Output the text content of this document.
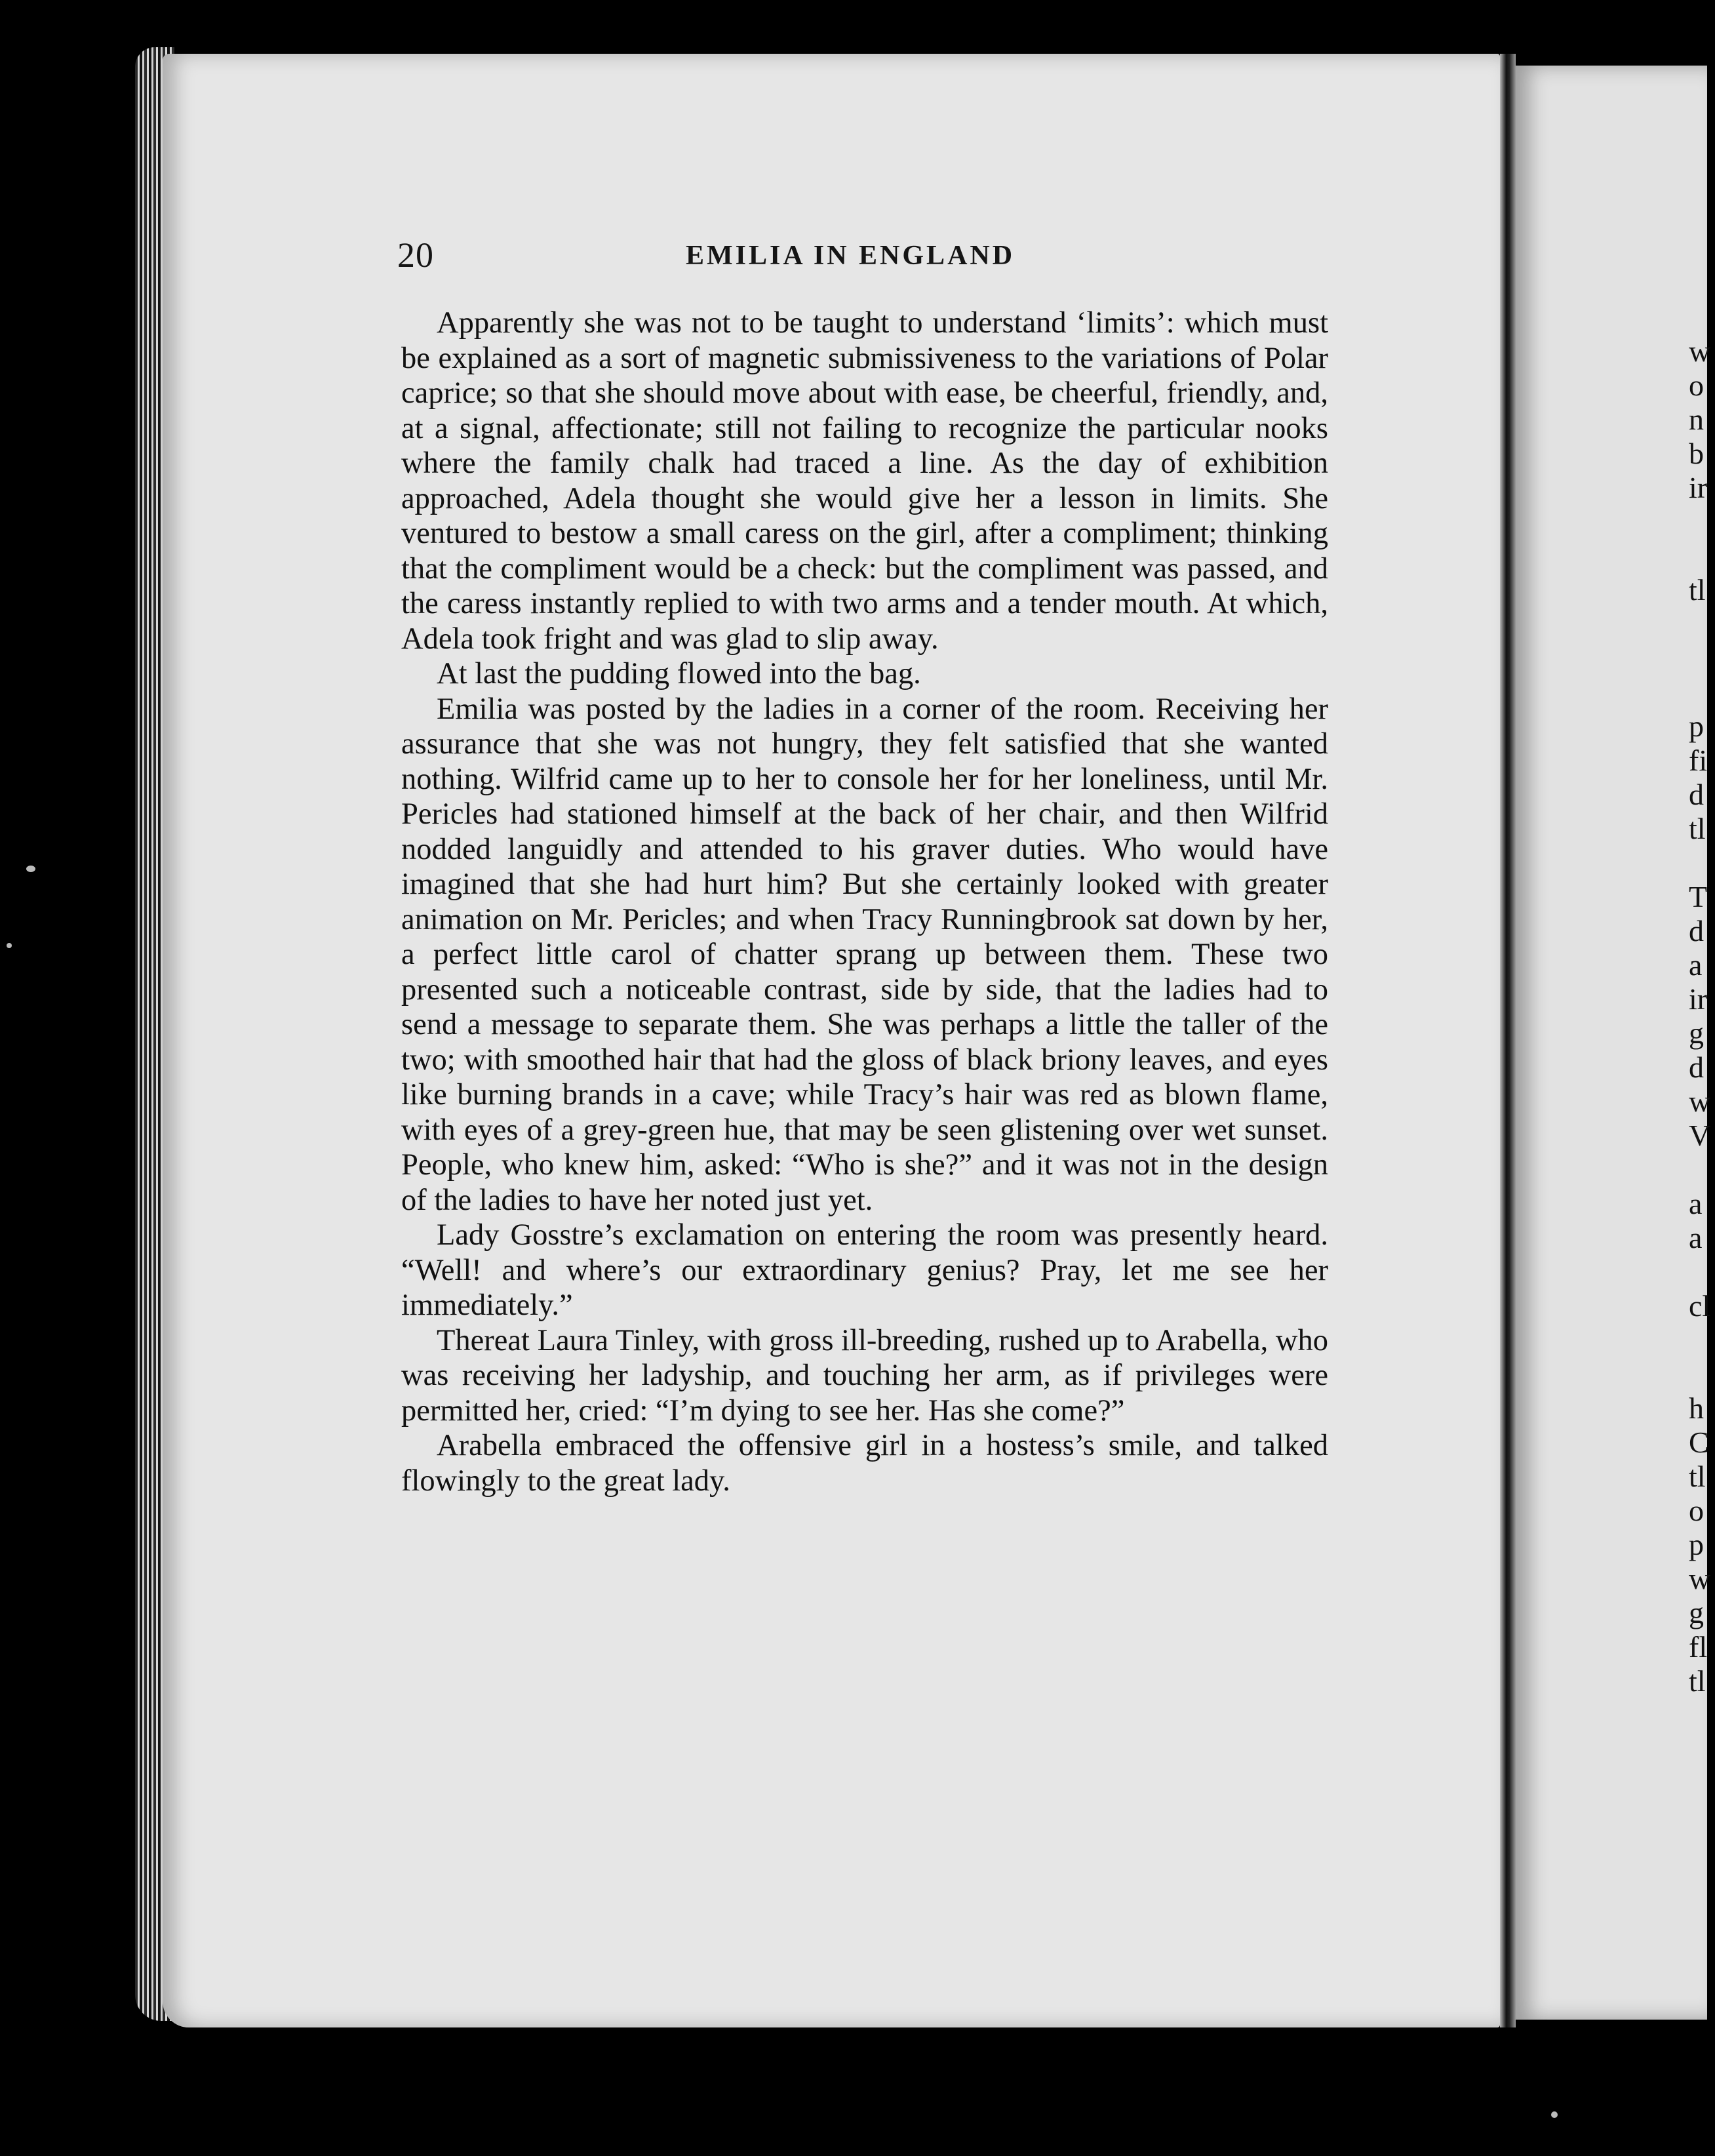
20	EMILIA IN ENGLAND

Apparently she was not to be taught to understand ‘limits’: which must be explained as a sort of magnetic submissiveness to the variations of Polar caprice; so that she should move about with ease, be cheerful, friendly, and, at a signal, affectionate; still not failing to recognize the particular nooks where the family chalk had traced a line. As the day of exhibition approached, Adela thought she would give her a lesson in limits. She ventured to bestow a small caress on the girl, after a compliment; thinking that the compliment would be a check: but the compliment was passed, and the caress instantly replied to with two arms and a tender mouth. At which, Adela took fright and was glad to slip away.

At last the pudding flowed into the bag.

Emilia was posted by the ladies in a corner of the room. Receiving her assurance that she was not hungry, they felt satisfied that she wanted nothing. Wilfrid came up to her to console her for her loneliness, until Mr. Pericles had stationed himself at the back of her chair, and then Wilfrid nodded languidly and attended to his graver duties. Who would have imagined that she had hurt him? But she certainly looked with greater animation on Mr. Pericles; and when Tracy Runningbrook sat down by her, a perfect little carol of chatter sprang up between them. These two presented such a noticeable contrast, side by side, that the ladies had to send a message to separate them. She was perhaps a little the taller of the two; with smoothed hair that had the gloss of black briony leaves, and eyes like burning brands in a cave; while Tracy’s hair was red as blown flame, with eyes of a grey-green hue, that may be seen glistening over wet sunset. People, who knew him, asked: “Who is she?” and it was not in the design of the ladies to have her noted just yet.

Lady Gosstre’s exclamation on entering the room was presently heard. “Well! and where’s our extraordinary genius? Pray, let me see her immediately.”

Thereat Laura Tinley, with gross ill-breeding, rushed up to Arabella, who was receiving her ladyship, and touching her arm, as if privileges were permitted her, cried: “I’m dying to see her. Has she come?”

Arabella embraced the offensive girl in a hostess’s smile, and talked flowingly to the great lady.

w
o
n
b
ir
tl
p
fi
d
tl
T
d
a
ir
g
d
w
V
a
a
cl
h
C
tl
o
p
w
g
fl
tl
